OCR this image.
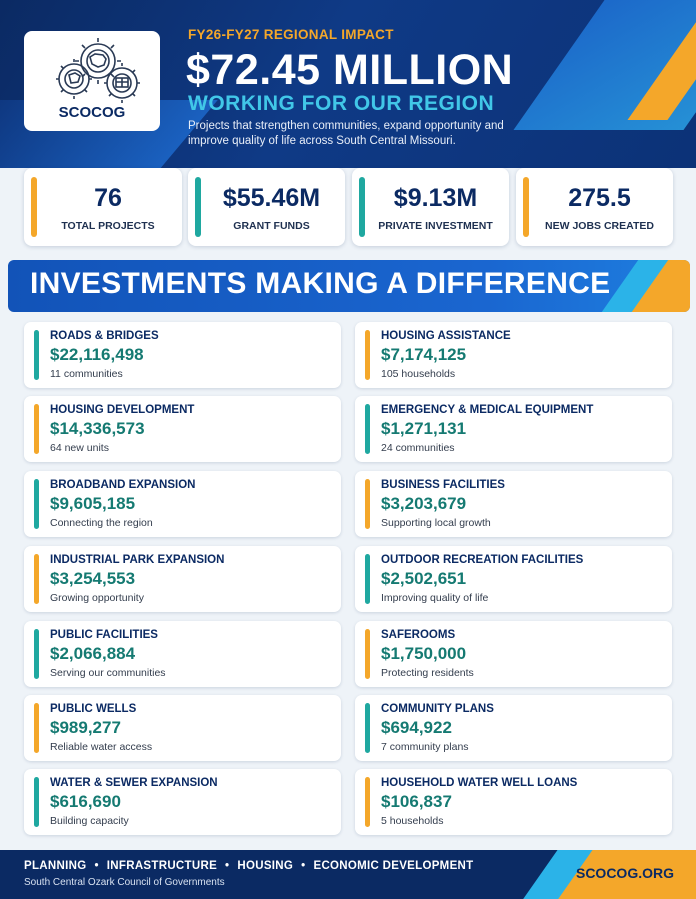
SCOCOG
FY26-FY27 REGIONAL IMPACT
$72.45 MILLION
WORKING FOR OUR REGION
Projects that strengthen communities, expand opportunity and improve quality of life across South Central Missouri.
76
TOTAL PROJECTS
$55.46M
GRANT FUNDS
$9.13M
PRIVATE INVESTMENT
275.5
NEW JOBS CREATED
INVESTMENTS MAKING A DIFFERENCE
ROADS & BRIDGES
$22,116,498
11 communities
HOUSING ASSISTANCE
$7,174,125
105 households
HOUSING DEVELOPMENT
$14,336,573
64 new units
EMERGENCY & MEDICAL EQUIPMENT
$1,271,131
24 communities
BROADBAND EXPANSION
$9,605,185
Connecting the region
BUSINESS FACILITIES
$3,203,679
Supporting local growth
INDUSTRIAL PARK EXPANSION
$3,254,553
Growing opportunity
OUTDOOR RECREATION FACILITIES
$2,502,651
Improving quality of life
PUBLIC FACILITIES
$2,066,884
Serving our communities
SAFEROOMS
$1,750,000
Protecting residents
PUBLIC WELLS
$989,277
Reliable water access
COMMUNITY PLANS
$694,922
7 community plans
WATER & SEWER EXPANSION
$616,690
Building capacity
HOUSEHOLD WATER WELL LOANS
$106,837
5 households
PLANNING • INFRASTRUCTURE • HOUSING • ECONOMIC DEVELOPMENT
South Central Ozark Council of Governments
SCOCOG.ORG
